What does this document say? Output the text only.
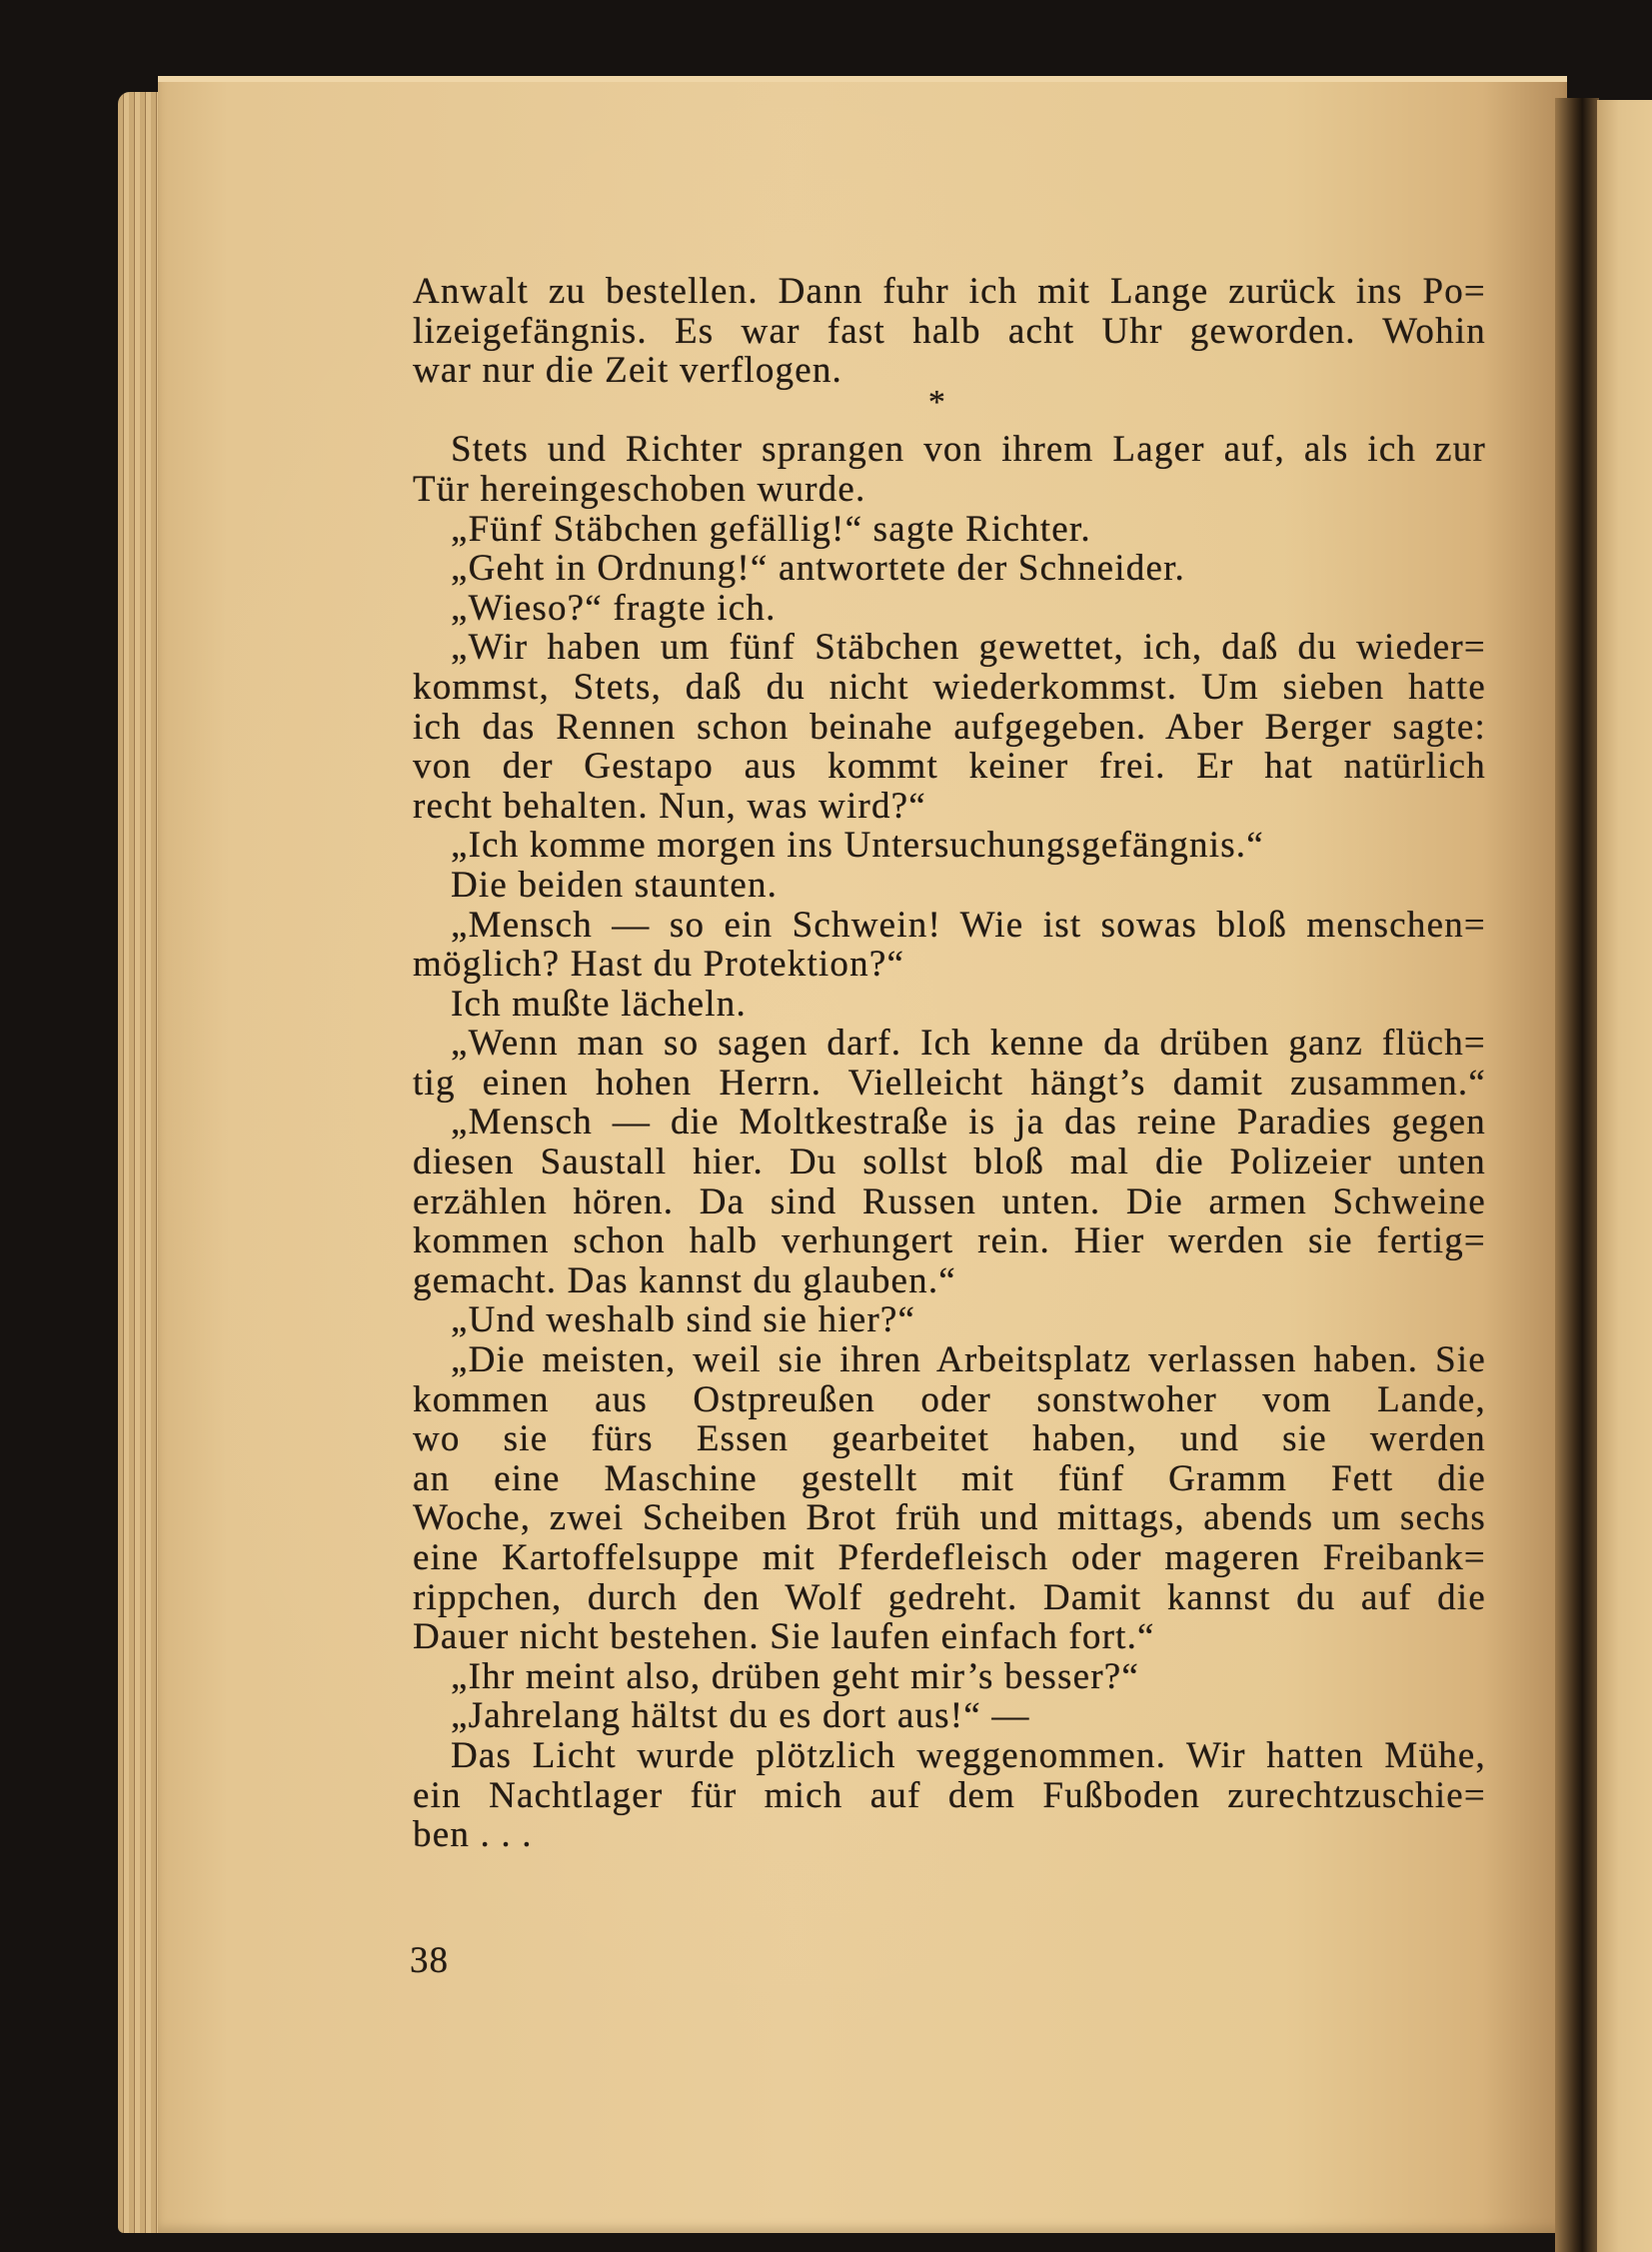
Anwalt zu bestellen. Dann fuhr ich mit Lange zurück ins Po=
lizeigefängnis. Es war fast halb acht Uhr geworden. Wohin
war nur die Zeit verflogen.
*
Stets und Richter sprangen von ihrem Lager auf, als ich zur
Tür hereingeschoben wurde.
„Fünf Stäbchen gefällig!“ sagte Richter.
„Geht in Ordnung!“ antwortete der Schneider.
„Wieso?“ fragte ich.
„Wir haben um fünf Stäbchen gewettet, ich, daß du wieder=
kommst, Stets, daß du nicht wiederkommst. Um sieben hatte
ich das Rennen schon beinahe aufgegeben. Aber Berger sagte:
von der Gestapo aus kommt keiner frei. Er hat natürlich
recht behalten. Nun, was wird?“
„Ich komme morgen ins Untersuchungsgefängnis.“
Die beiden staunten.
„Mensch — so ein Schwein! Wie ist sowas bloß menschen=
möglich? Hast du Protektion?“
Ich mußte lächeln.
„Wenn man so sagen darf. Ich kenne da drüben ganz flüch=
tig einen hohen Herrn. Vielleicht hängt’s damit zusammen.“
„Mensch — die Moltkestraße is ja das reine Paradies gegen
diesen Saustall hier. Du sollst bloß mal die Polizeier unten
erzählen hören. Da sind Russen unten. Die armen Schweine
kommen schon halb verhungert rein. Hier werden sie fertig=
gemacht. Das kannst du glauben.“
„Und weshalb sind sie hier?“
„Die meisten, weil sie ihren Arbeitsplatz verlassen haben. Sie
kommen aus Ostpreußen oder sonstwoher vom Lande,
wo sie fürs Essen gearbeitet haben, und sie werden
an eine Maschine gestellt mit fünf Gramm Fett die
Woche, zwei Scheiben Brot früh und mittags, abends um sechs
eine Kartoffelsuppe mit Pferdefleisch oder mageren Freibank=
rippchen, durch den Wolf gedreht. Damit kannst du auf die
Dauer nicht bestehen. Sie laufen einfach fort.“
„Ihr meint also, drüben geht mir’s besser?“
„Jahrelang hältst du es dort aus!“ —
Das Licht wurde plötzlich weggenommen. Wir hatten Mühe,
ein Nachtlager für mich auf dem Fußboden zurechtzuschie=
ben . . .
38
